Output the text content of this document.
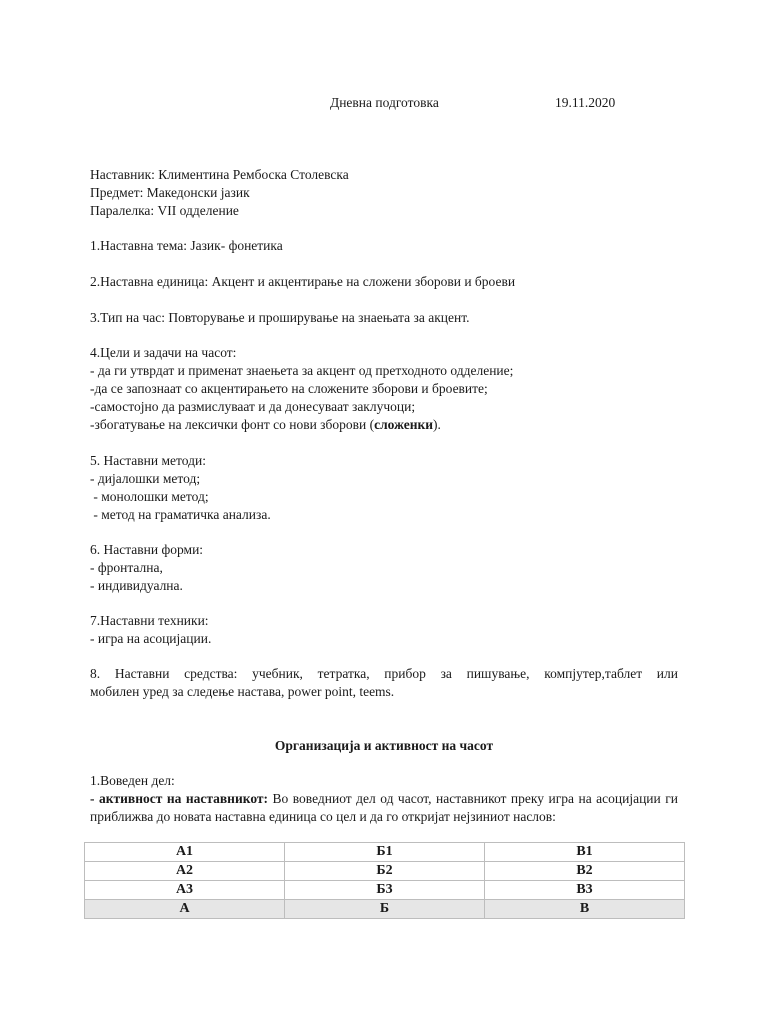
Дневна подготовка	19.11.2020
Наставник: Климентина Рембоска Столевска
Предмет: Македонски јазик
Паралелка: VII одделение
1.Наставна тема: Јазик- фонетика
2.Наставна единица: Акцент и акцентирање на сложени зборови и броеви
3.Тип на час: Повторување и проширување на знаењата за акцент.
4.Цели и задачи на часот:
- да ги утврдат и применат знаењета за акцент од претходното одделение;
-да се запознаат со акцентирањето на сложените зборови и броевите;
-самостојно да размислуваат и да донесуваат заклучоци;
-збогатување на лексички фонт со нови зборови (сложенки).
5. Наставни методи:
- дијалошки метод;
- монолошки метод;
- метод на граматичка анализа.
6. Наставни форми:
- фронтална,
- индивидуална.
7.Наставни техники:
- игра на асоцијации.
8. Наставни средства: учебник, тетратка, прибор за пишување, компјутер,таблет или
мобилен уред за следење настава, power point, teems.
Организација и активност на часот
1.Воведен дел:
- активност на наставникот: Во воведниот дел од часот, наставникот преку игра на асоцијации ги приближва до новата наставна единица со цел и да го откријат нејзиниот наслов:
А1	Б1	В1
А2	Б2	В2
А3	Б3	В3
А	Б	В
